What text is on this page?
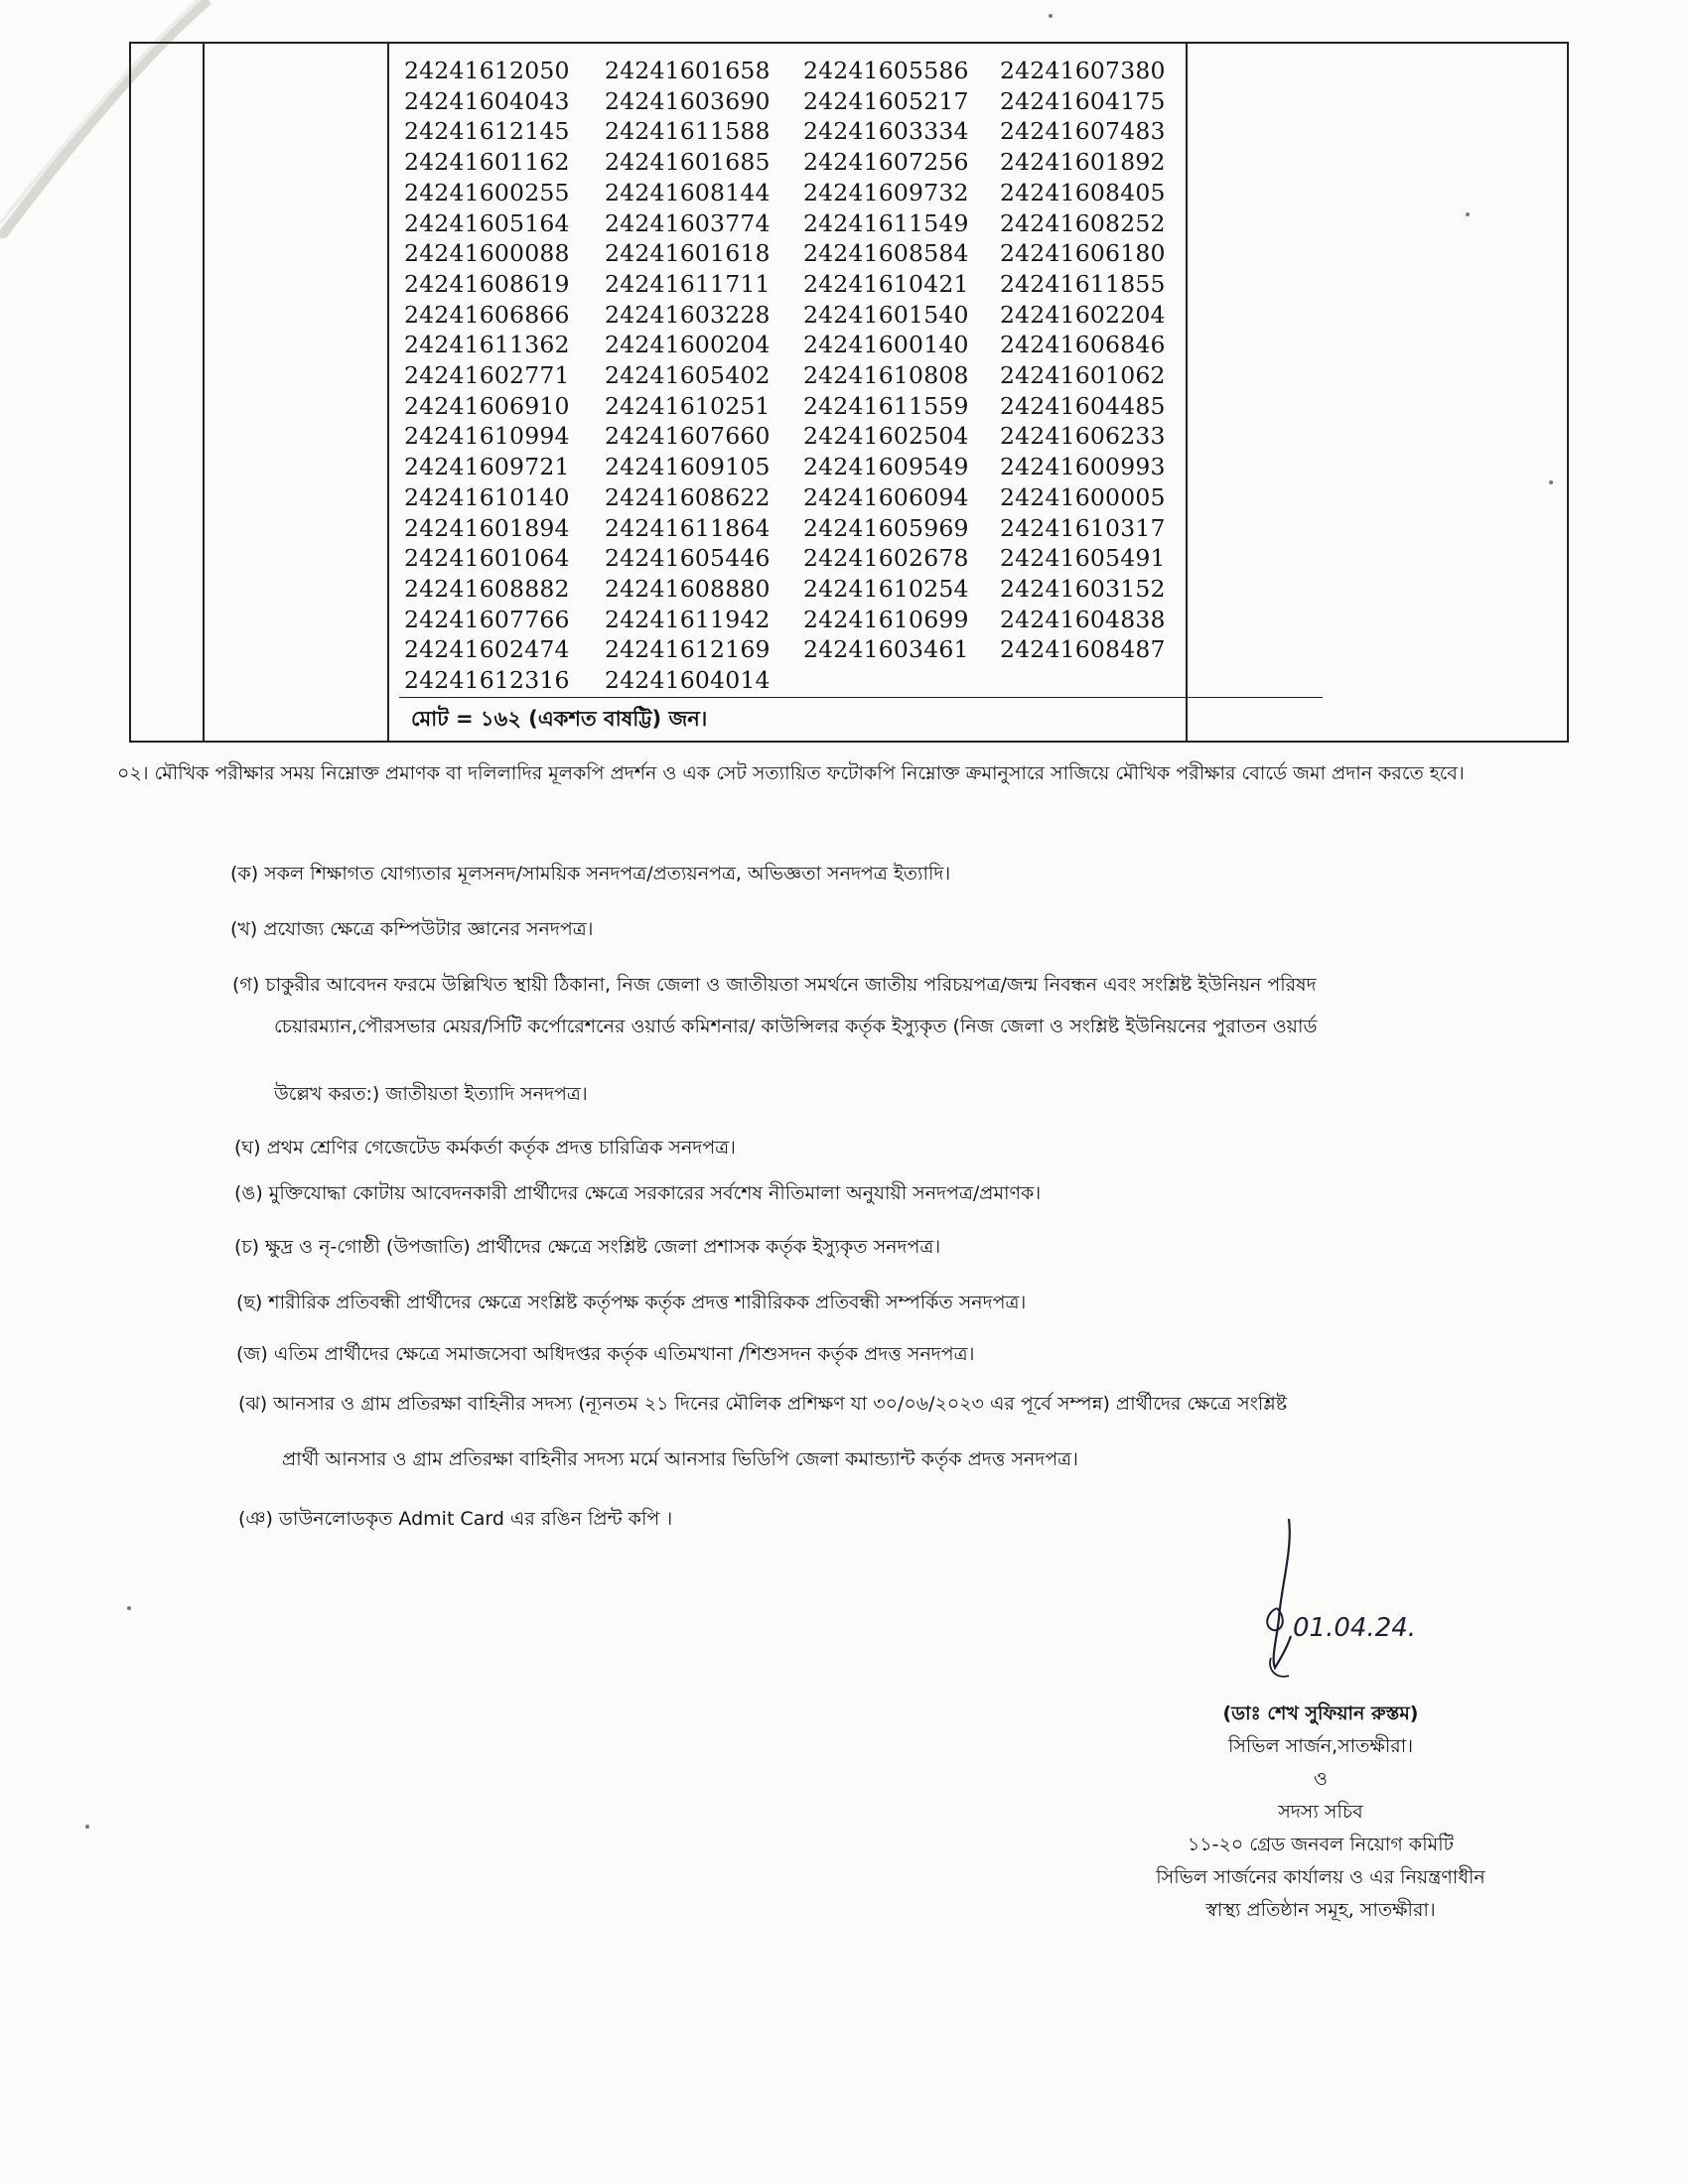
24241612050
24241604043
24241612145
24241601162
24241600255
24241605164
24241600088
24241608619
24241606866
24241611362
24241602771
24241606910
24241610994
24241609721
24241610140
24241601894
24241601064
24241608882
24241607766
24241602474
24241612316
24241601658
24241603690
24241611588
24241601685
24241608144
24241603774
24241601618
24241611711
24241603228
24241600204
24241605402
24241610251
24241607660
24241609105
24241608622
24241611864
24241605446
24241608880
24241611942
24241612169
24241604014
24241605586
24241605217
24241603334
24241607256
24241609732
24241611549
24241608584
24241610421
24241601540
24241600140
24241610808
24241611559
24241602504
24241609549
24241606094
24241605969
24241602678
24241610254
24241610699
24241603461
24241607380
24241604175
24241607483
24241601892
24241608405
24241608252
24241606180
24241611855
24241602204
24241606846
24241601062
24241604485
24241606233
24241600993
24241600005
24241610317
24241605491
24241603152
24241604838
24241608487
মোট = ১৬২ (একশত বাষট্টি) জন।
০২। মৌখিক পরীক্ষার সময় নিম্নোক্ত প্রমাণক বা দলিলাদির মূলকপি প্রদর্শন ও এক সেট সত্যায়িত ফটোকপি নিম্নোক্ত ক্রমানুসারে সাজিয়ে মৌখিক পরীক্ষার বোর্ডে জমা প্রদান করতে হবে।
(ক) সকল শিক্ষাগত যোগ্যতার মূলসনদ/সাময়িক সনদপত্র/প্রত্যয়নপত্র, অভিজ্ঞতা সনদপত্র ইত্যাদি।
(খ) প্রযোজ্য ক্ষেত্রে কম্পিউটার জ্ঞানের সনদপত্র।
(গ) চাকুরীর আবেদন ফরমে উল্লিখিত স্থায়ী ঠিকানা, নিজ জেলা ও জাতীয়তা সমর্থনে জাতীয় পরিচয়পত্র/জন্ম নিবন্ধন এবং সংশ্লিষ্ট ইউনিয়ন পরিষদ
চেয়ারম্যান,পৌরসভার মেয়র/সিটি কর্পোরেশনের ওয়ার্ড কমিশনার/ কাউন্সিলর কর্তৃক ইস্যুকৃত (নিজ জেলা ও সংশ্লিষ্ট ইউনিয়নের পুরাতন ওয়ার্ড
উল্লেখ করত:) জাতীয়তা ইত্যাদি সনদপত্র।
(ঘ) প্রথম শ্রেণির গেজেটেড কর্মকর্তা কর্তৃক প্রদত্ত চারিত্রিক সনদপত্র।
(ঙ) মুক্তিযোদ্ধা কোটায় আবেদনকারী প্রার্থীদের ক্ষেত্রে সরকারের সর্বশেষ নীতিমালা অনুযায়ী সনদপত্র/প্রমাণক।
(চ) ক্ষুদ্র ও নৃ-গোষ্ঠী (উপজাতি) প্রার্থীদের ক্ষেত্রে সংশ্লিষ্ট জেলা প্রশাসক কর্তৃক ইস্যুকৃত সনদপত্র।
(ছ) শারীরিক প্রতিবন্ধী প্রার্থীদের ক্ষেত্রে সংশ্লিষ্ট কর্তৃপক্ষ কর্তৃক প্রদত্ত শারীরিকক প্রতিবন্ধী সম্পর্কিত সনদপত্র।
(জ) এতিম প্রার্থীদের ক্ষেত্রে সমাজসেবা অধিদপ্তর কর্তৃক এতিমখানা /শিশুসদন কর্তৃক প্রদত্ত সনদপত্র।
(ঝ) আনসার ও গ্রাম প্রতিরক্ষা বাহিনীর সদস্য (ন্যূনতম ২১ দিনের মৌলিক প্রশিক্ষণ যা ৩০/০৬/২০২৩ এর পূর্বে সম্পন্ন) প্রার্থীদের ক্ষেত্রে সংশ্লিষ্ট
প্রার্থী আনসার ও গ্রাম প্রতিরক্ষা বাহিনীর সদস্য মর্মে আনসার ভিডিপি জেলা কমান্ড্যান্ট কর্তৃক প্রদত্ত সনদপত্র।
(ঞ) ডাউনলোডকৃত Admit Card এর রঙিন প্রিন্ট কপি ।
01.04.24.
(ডাঃ শেখ সুফিয়ান রুস্তম)
সিভিল সার্জন,সাতক্ষীরা।
ও
সদস্য সচিব
১১-২০ গ্রেড জনবল নিয়োগ কমিটি
সিভিল সার্জনের কার্যালয় ও এর নিয়ন্ত্রণাধীন
স্বাস্থ্য প্রতিষ্ঠান সমূহ, সাতক্ষীরা।
